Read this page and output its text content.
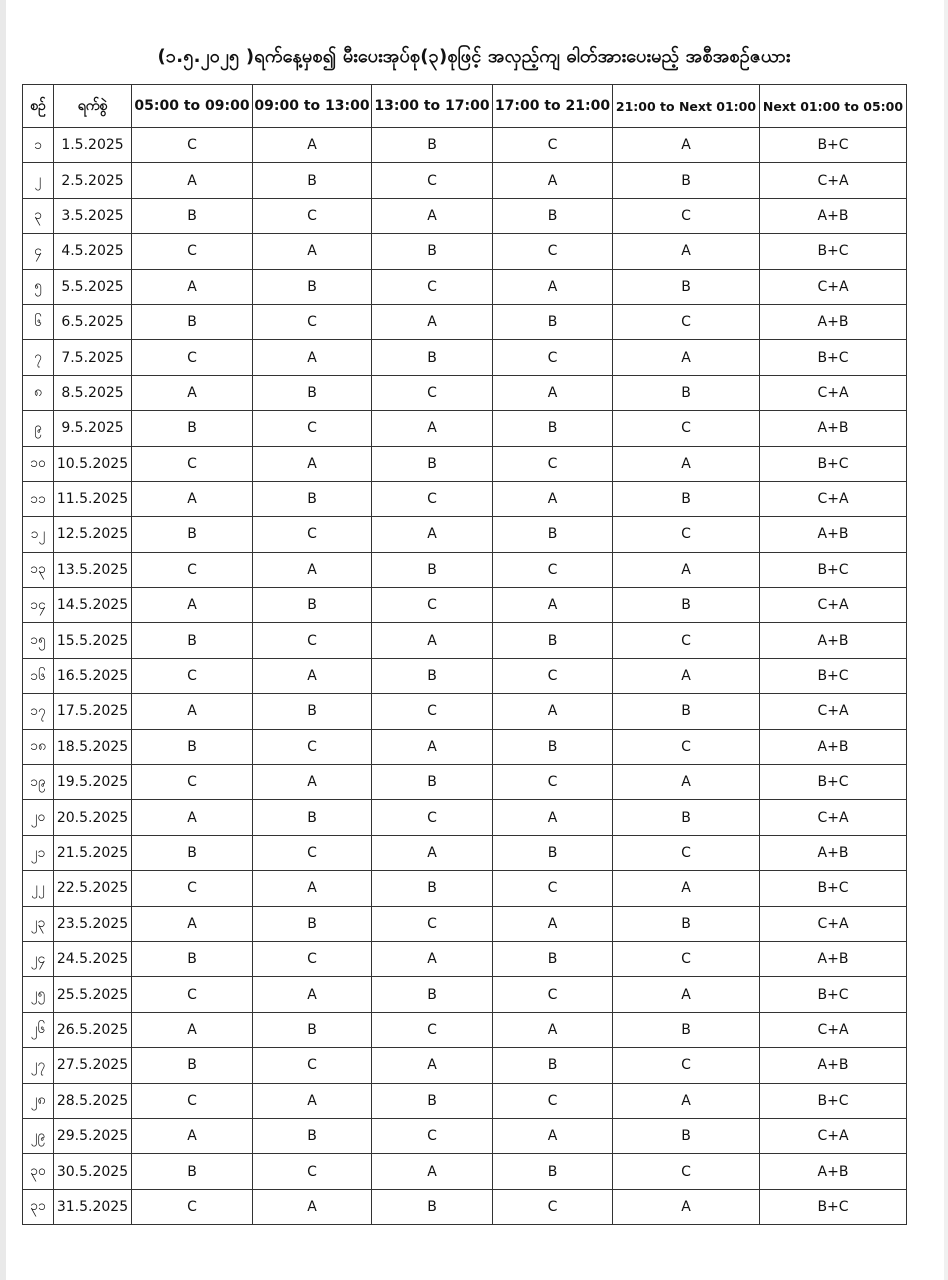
(၁.၅.၂၀၂၅ )ရက်နေ့မှစ၍ မီးပေးအုပ်စု(၃)စုဖြင့် အလှည့်ကျ ဓါတ်အားပေးမည့် အစီအစဉ်ဇယား
စဉ်	ရက်စွဲ	05:00 to 09:00	09:00 to 13:00	13:00 to 17:00	17:00 to 21:00	21:00 to Next 01:00	Next 01:00 to 05:00
၁	1.5.2025	C	A	B	C	A	B+C
၂	2.5.2025	A	B	C	A	B	C+A
၃	3.5.2025	B	C	A	B	C	A+B
၄	4.5.2025	C	A	B	C	A	B+C
၅	5.5.2025	A	B	C	A	B	C+A
၆	6.5.2025	B	C	A	B	C	A+B
၇	7.5.2025	C	A	B	C	A	B+C
၈	8.5.2025	A	B	C	A	B	C+A
၉	9.5.2025	B	C	A	B	C	A+B
၁၀	10.5.2025	C	A	B	C	A	B+C
၁၁	11.5.2025	A	B	C	A	B	C+A
၁၂	12.5.2025	B	C	A	B	C	A+B
၁၃	13.5.2025	C	A	B	C	A	B+C
၁၄	14.5.2025	A	B	C	A	B	C+A
၁၅	15.5.2025	B	C	A	B	C	A+B
၁၆	16.5.2025	C	A	B	C	A	B+C
၁၇	17.5.2025	A	B	C	A	B	C+A
၁၈	18.5.2025	B	C	A	B	C	A+B
၁၉	19.5.2025	C	A	B	C	A	B+C
၂၀	20.5.2025	A	B	C	A	B	C+A
၂၁	21.5.2025	B	C	A	B	C	A+B
၂၂	22.5.2025	C	A	B	C	A	B+C
၂၃	23.5.2025	A	B	C	A	B	C+A
၂၄	24.5.2025	B	C	A	B	C	A+B
၂၅	25.5.2025	C	A	B	C	A	B+C
၂၆	26.5.2025	A	B	C	A	B	C+A
၂၇	27.5.2025	B	C	A	B	C	A+B
၂၈	28.5.2025	C	A	B	C	A	B+C
၂၉	29.5.2025	A	B	C	A	B	C+A
၃၀	30.5.2025	B	C	A	B	C	A+B
၃၁	31.5.2025	C	A	B	C	A	B+C
